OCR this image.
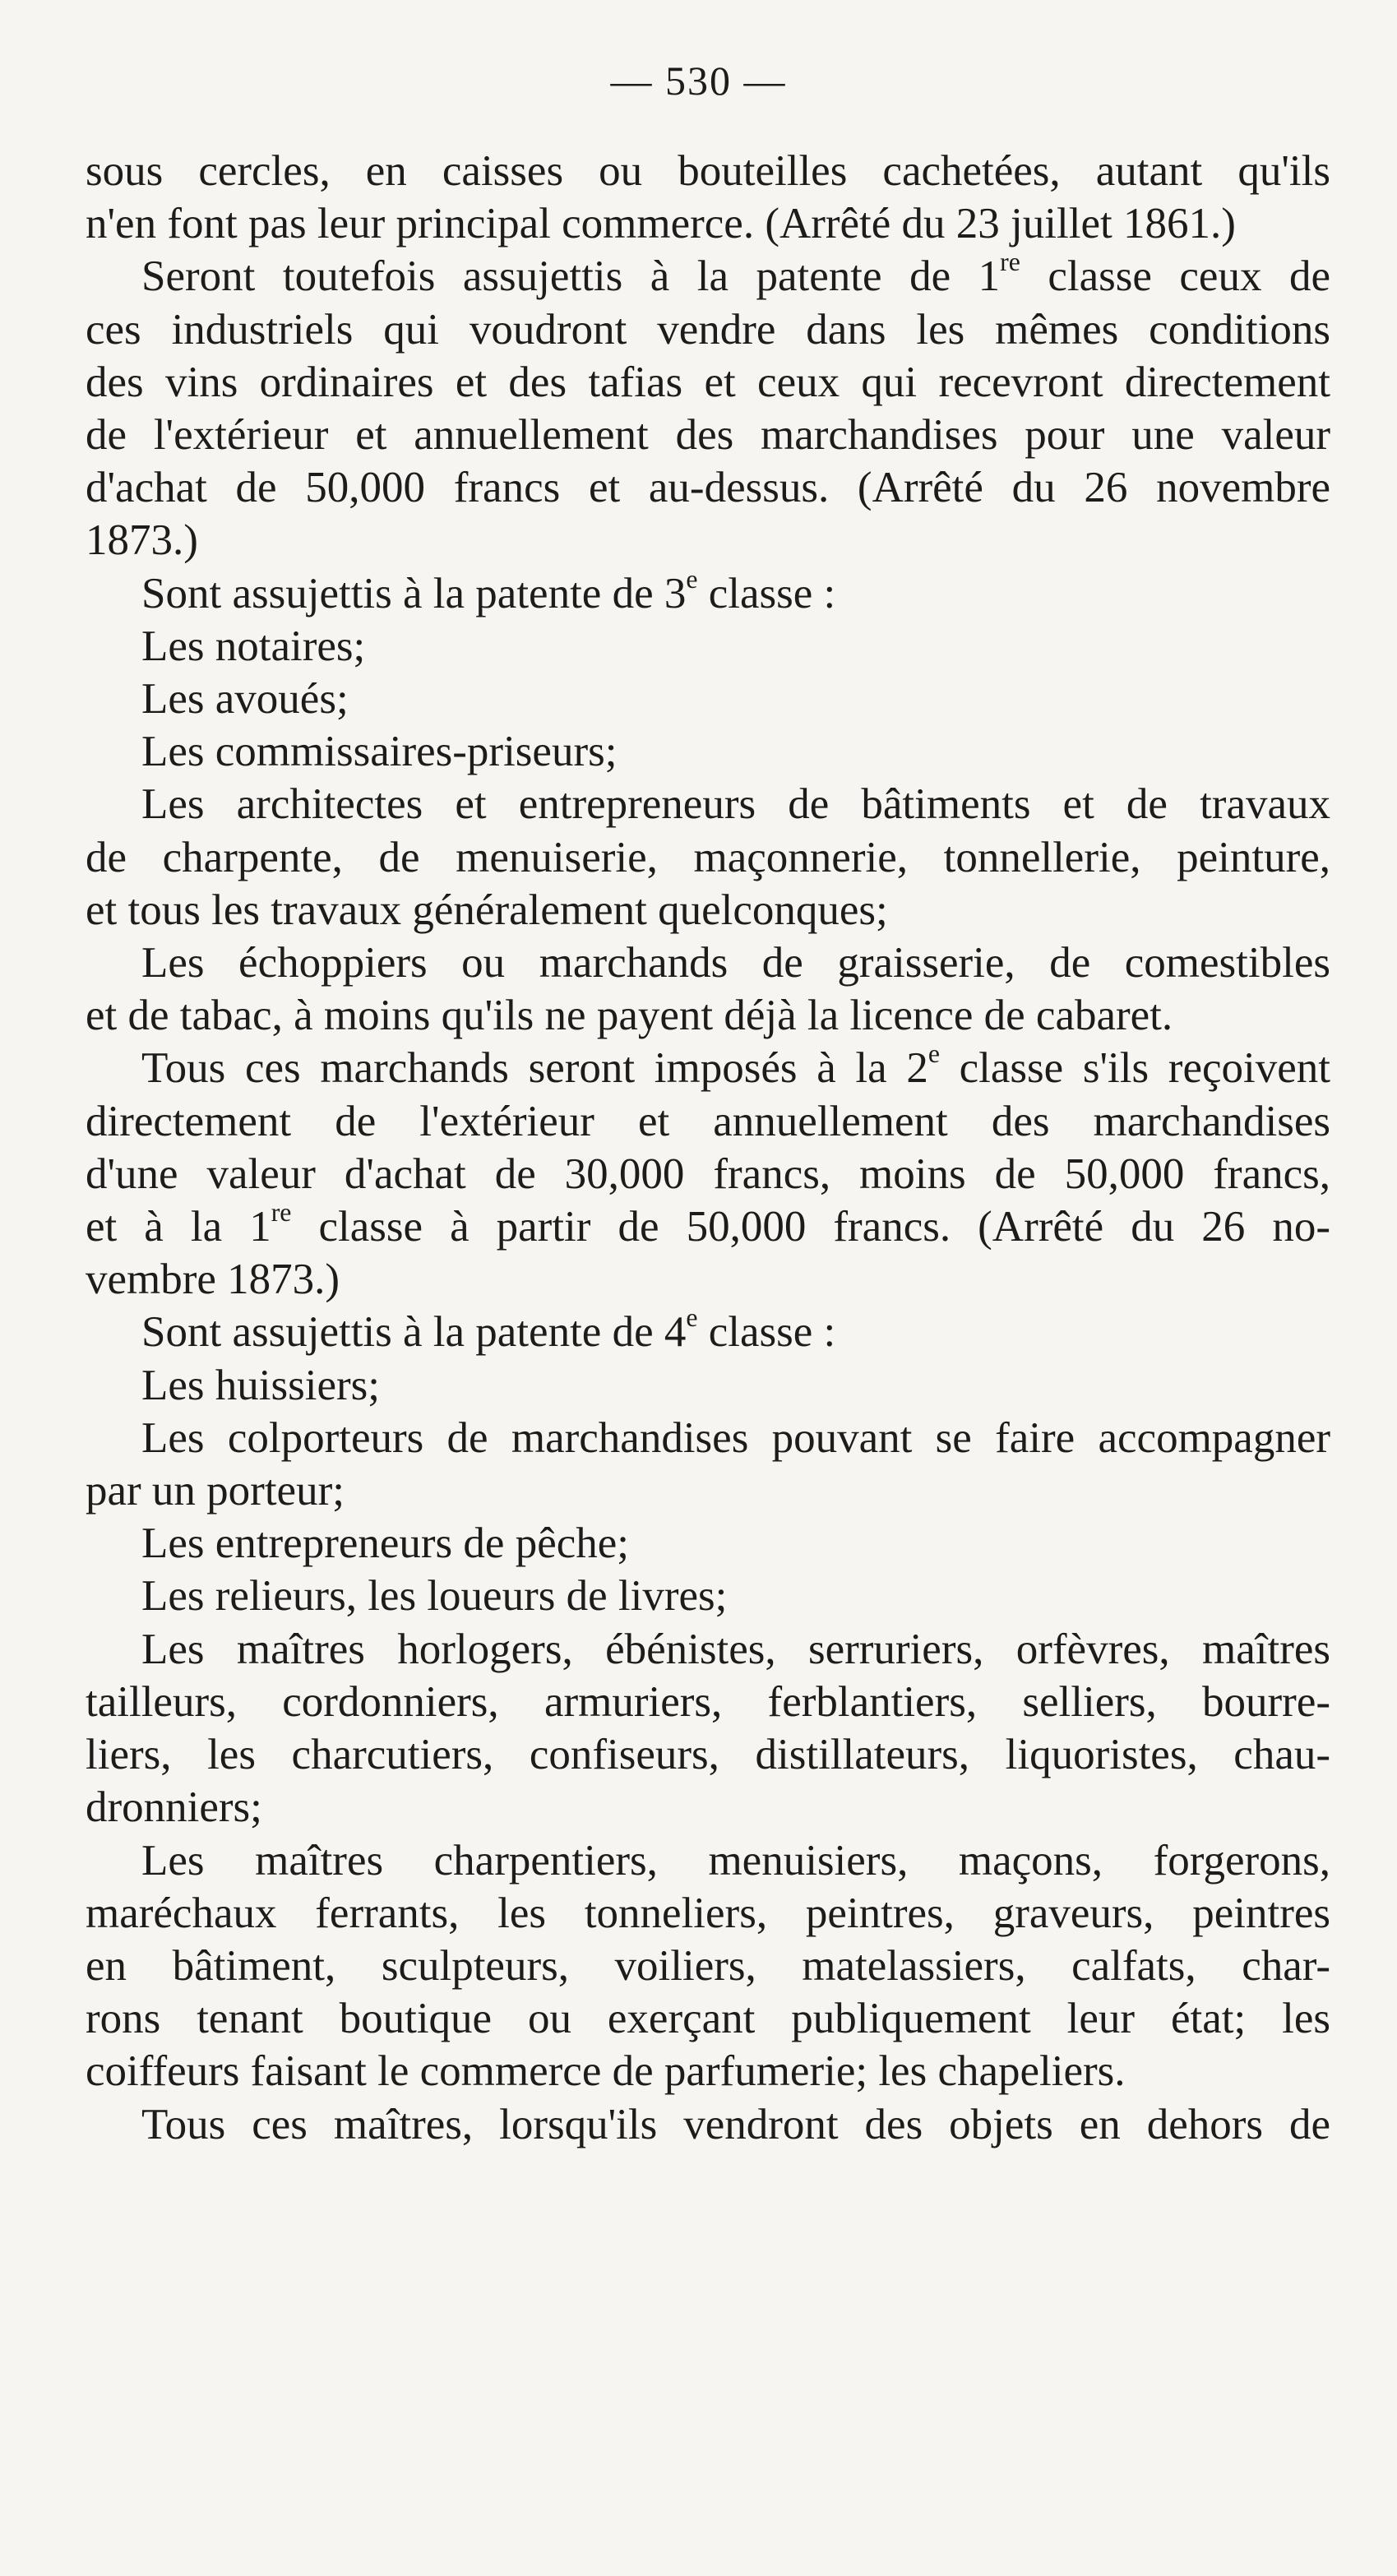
— 530 —
sous cercles, en caisses ou bouteilles cachetées, autant qu'ils
n'en font pas leur principal commerce. (Arrêté du 23 juillet 1861.)
Seront toutefois assujettis à la patente de 1re classe ceux de
ces industriels qui voudront vendre dans les mêmes conditions
des vins ordinaires et des tafias et ceux qui recevront directement
de l'extérieur et annuellement des marchandises pour une valeur
d'achat de 50,000 francs et au-dessus. (Arrêté du 26 novembre
1873.)
Sont assujettis à la patente de 3e classe :
Les notaires;
Les avoués;
Les commissaires-priseurs;
Les architectes et entrepreneurs de bâtiments et de travaux
de charpente, de menuiserie, maçonnerie, tonnellerie, peinture,
et tous les travaux généralement quelconques;
Les échoppiers ou marchands de graisserie, de comestibles
et de tabac, à moins qu'ils ne payent déjà la licence de cabaret.
Tous ces marchands seront imposés à la 2e classe s'ils reçoivent
directement de l'extérieur et annuellement des marchandises
d'une valeur d'achat de 30,000 francs, moins de 50,000 francs,
et à la 1re classe à partir de 50,000 francs. (Arrêté du 26 no-
vembre 1873.)
Sont assujettis à la patente de 4e classe :
Les huissiers;
Les colporteurs de marchandises pouvant se faire accompagner
par un porteur;
Les entrepreneurs de pêche;
Les relieurs, les loueurs de livres;
Les maîtres horlogers, ébénistes, serruriers, orfèvres, maîtres
tailleurs, cordonniers, armuriers, ferblantiers, selliers, bourre-
liers, les charcutiers, confiseurs, distillateurs, liquoristes, chau-
dronniers;
Les maîtres charpentiers, menuisiers, maçons, forgerons,
maréchaux ferrants, les tonneliers, peintres, graveurs, peintres
en bâtiment, sculpteurs, voiliers, matelassiers, calfats, char-
rons tenant boutique ou exerçant publiquement leur état; les
coiffeurs faisant le commerce de parfumerie; les chapeliers.
Tous ces maîtres, lorsqu'ils vendront des objets en dehors de
